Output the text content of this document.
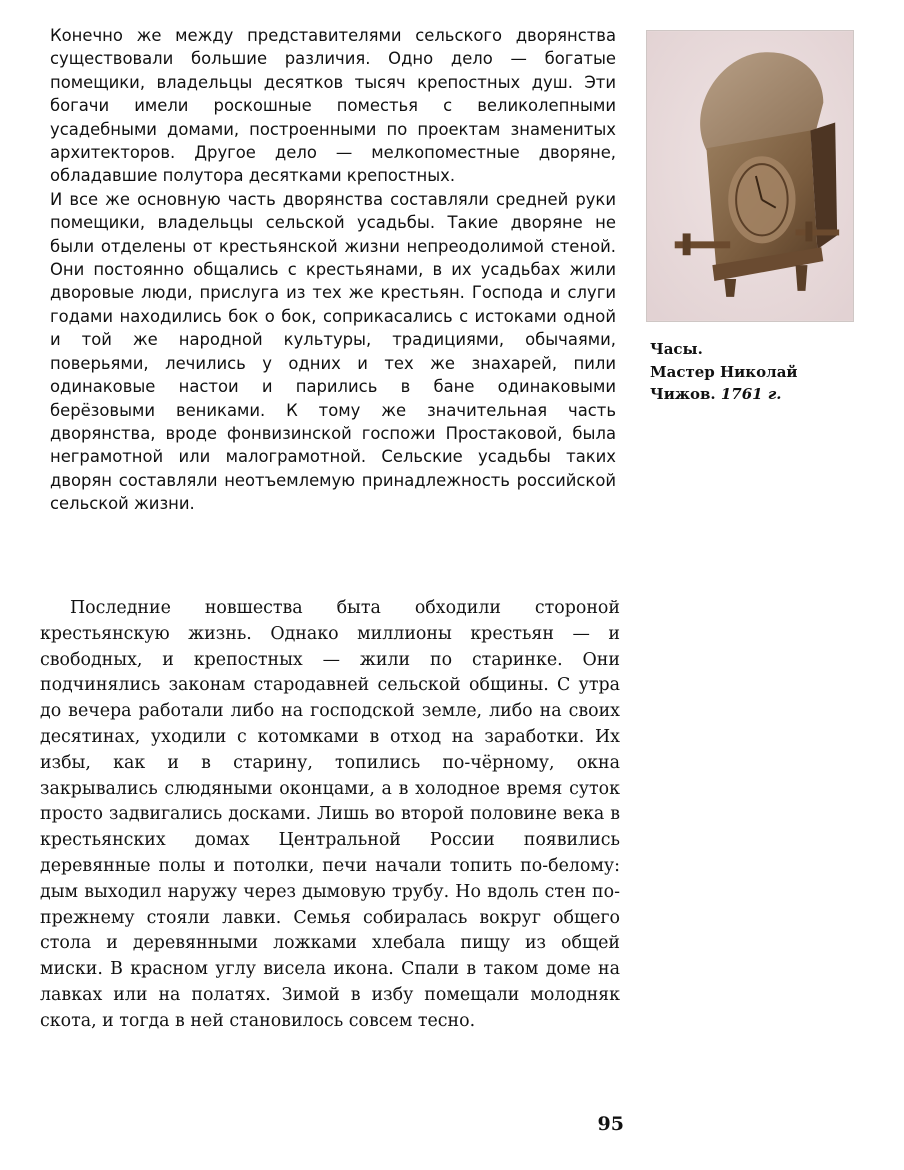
Конечно же между представителями сельского дворянства существовали большие различия. Одно дело — богатые помещики, владельцы десятков тысяч крепостных душ. Эти богачи имели роскошные поместья с великолепными усадебными домами, построенными по проектам знаменитых архитекторов. Другое дело — мелкопоместные дворяне, обладавшие полутора десятками крепостных.

И все же основную часть дворянства составляли средней руки помещики, владельцы сельской усадьбы. Такие дворяне не были отделены от крестьянской жизни непреодолимой стеной. Они постоянно общались с крестьянами, в их усадьбах жили дворовые люди, прислуга из тех же крестьян. Господа и слуги годами находились бок о бок, соприкасались с истоками одной и той же народной культуры, традициями, обычаями, поверьями, лечились у одних и тех же знахарей, пили одинаковые настои и парились в бане одинаковыми берёзовыми вениками. К тому же значительная часть дворянства, вроде фонвизинской госпожи Простаковой, была неграмотной или малограмотной. Сельские усадьбы таких дворян составляли неотъемлемую принадлежность российской сельской жизни.

Часы.
Мастер Николай
Чижов. 1761 г.

Последние новшества быта обходили стороной крестьянскую жизнь. Однако миллионы крестьян — и свободных, и крепостных — жили по старинке. Они подчинялись законам стародавней сельской общины. С утра до вечера работали либо на господской земле, либо на своих десятинах, уходили с котомками в отход на заработки. Их избы, как и в старину, топились по-чёрному, окна закрывались слюдяными оконцами, а в холодное время суток просто задвигались досками. Лишь во второй половине века в крестьянских домах Центральной России появились деревянные полы и потолки, печи начали топить по-белому: дым выходил наружу через дымовую трубу. Но вдоль стен по-прежнему стояли лавки. Семья собиралась вокруг общего стола и деревянными ложками хлебала пищу из общей миски. В красном углу висела икона. Спали в таком доме на лавках или на полатях. Зимой в избу помещали молодняк скота, и тогда в ней становилось совсем тесно.

95
